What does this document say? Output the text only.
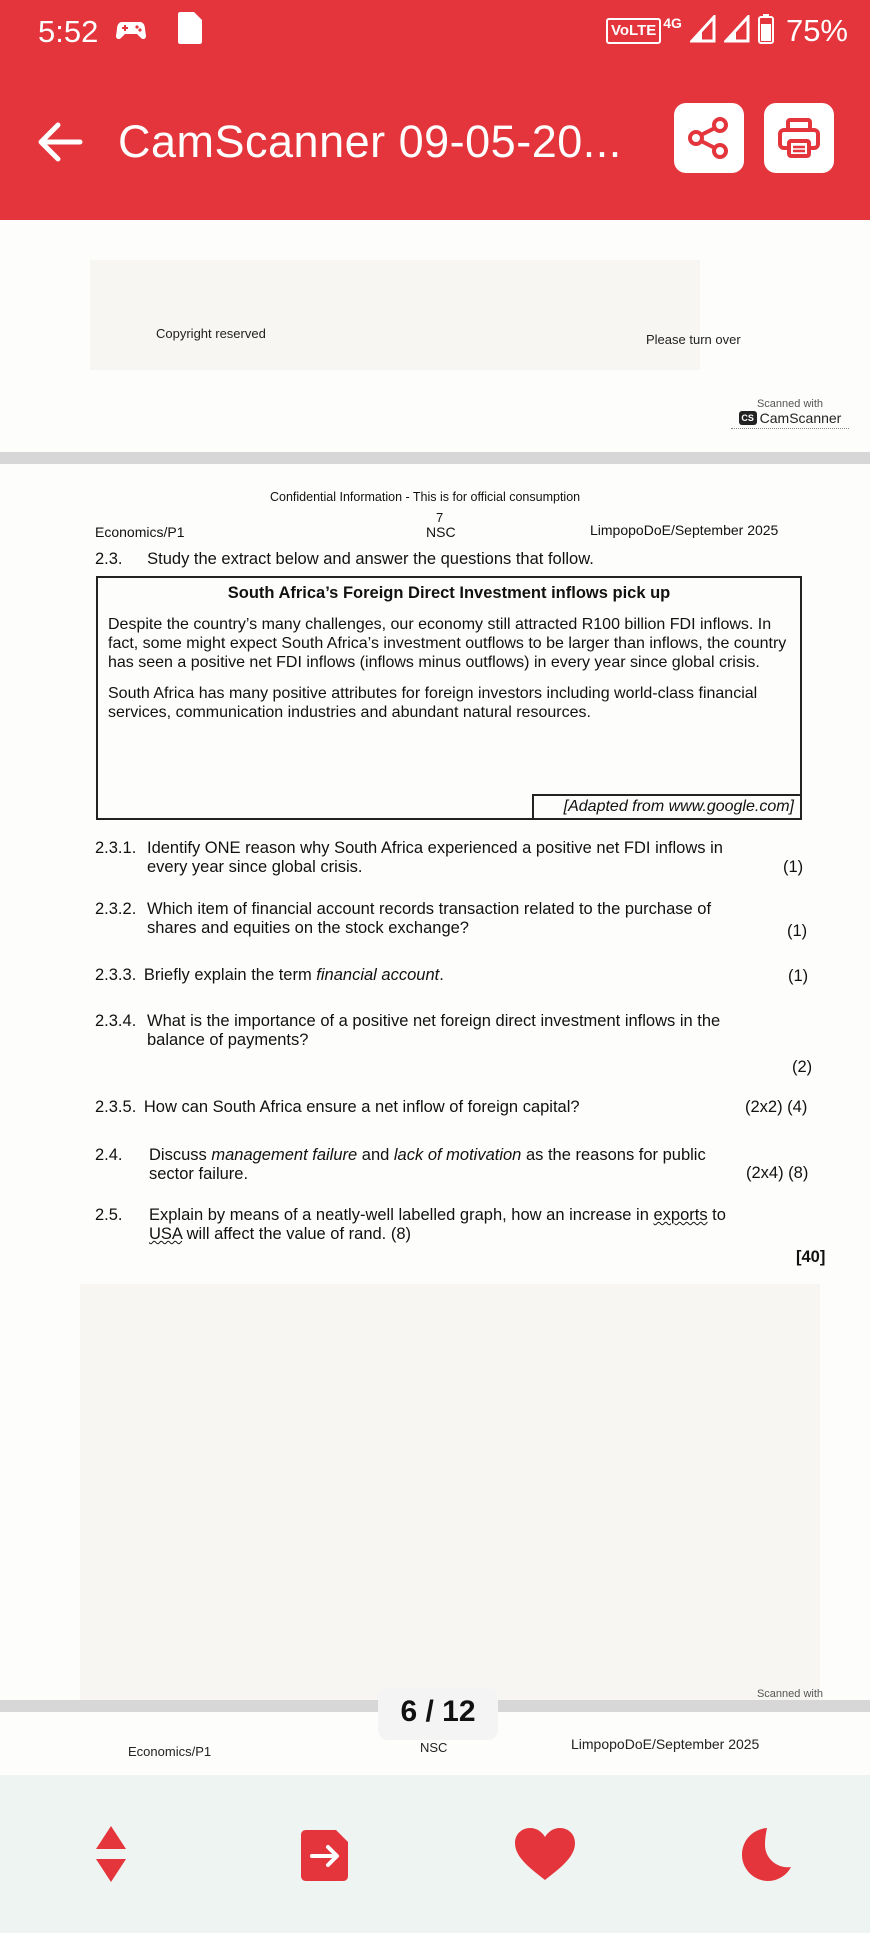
5:52	VoLTE 4G	75%
CamScanner 09-05-20...
Copyright reserved	Please turn over
Scanned with
CS CamScanner
Confidential Information - This is for official consumption
7
Economics/P1	NSC	LimpopoDoE/September 2025
2.3. Study the extract below and answer the questions that follow.
South Africa’s Foreign Direct Investment inflows pick up

Despite the country’s many challenges, our economy still attracted R100 billion FDI inflows. In fact, some might expect South Africa’s investment outflows to be larger than inflows, the country has seen a positive net FDI inflows (inflows minus outflows) in every year since global crisis.

South Africa has many positive attributes for foreign investors including world-class financial services, communication industries and abundant natural resources.

[Adapted from www.google.com]
2.3.1. Identify ONE reason why South Africa experienced a positive net FDI inflows in
every year since global crisis.	(1)
2.3.2. Which item of financial account records transaction related to the purchase of
shares and equities on the stock exchange?	(1)
2.3.3. Briefly explain the term financial account.	(1)
2.3.4. What is the importance of a positive net foreign direct investment inflows in the
balance of payments?
(2)
2.3.5. How can South Africa ensure a net inflow of foreign capital?	(2x2) (4)
2.4. Discuss management failure and lack of motivation as the reasons for public
sector failure.	(2x4) (8)
2.5. Explain by means of a neatly-well labelled graph, how an increase in exports to
USA will affect the value of rand. (8)
[40]
Scanned with
Economics/P1	NSC	LimpopoDoE/September 2025
6 / 12
